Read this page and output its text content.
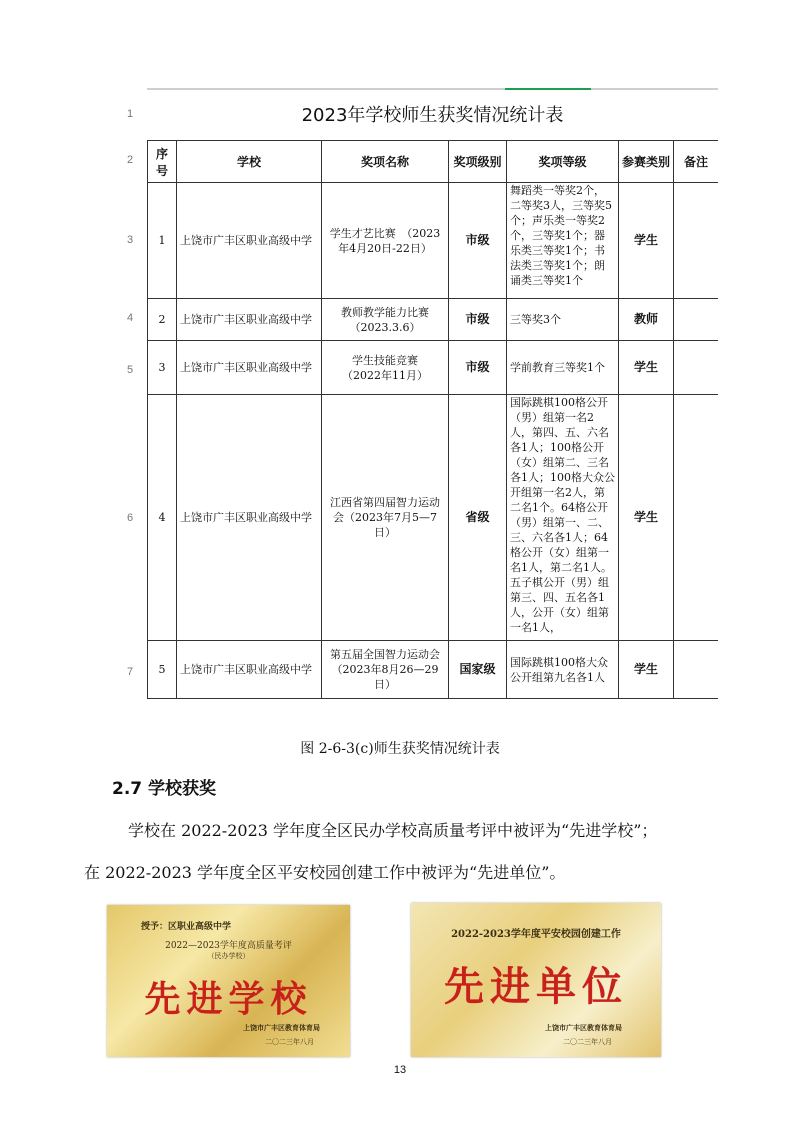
1
2
3
4
5
6
7
2023年学校师生获奖情况统计表
序号	学校	奖项名称	奖项级别	奖项等级	参赛类别	备注
1	上饶市广丰区职业高级中学	学生才艺比赛　（2023年4月20日-22日）	市级	舞蹈类一等奖2个，二等奖3人，三等奖5个；声乐类一等奖2个，三等奖1个；器乐类三等奖1个；书法类三等奖1个；朗诵类三等奖1个	学生	
2	上饶市广丰区职业高级中学	教师教学能力比赛（2023.3.6）	市级	三等奖3个	教师	
3	上饶市广丰区职业高级中学	学生技能竞赛　　（2022年11月）	市级	学前教育三等奖1个	学生	
4	上饶市广丰区职业高级中学	江西省第四届智力运动会（2023年7月5—7日）	省级	国际跳棋100格公开（男）组第一名2人，第四、五、六名各1人；100格公开（女）组第二、三名各1人；100格大众公开组第一名2人，第二名1个。64格公开（男）组第一、二、三、六名各1人；64格公开（女）组第一名1人，第二名1人。五子棋公开（男）组第三、四、五名各1人，公开（女）组第一名1人，	学生	
5	上饶市广丰区职业高级中学	第五届全国智力运动会（2023年8月26—29日）	国家级	国际跳棋100格大众公开组第九名各1人	学生	
图 2-6-3(c)师生获奖情况统计表
2.7 学校获奖
学校在 2022-2023 学年度全区民办学校高质量考评中被评为“先进学校”；
在 2022-2023 学年度全区平安校园创建工作中被评为“先进单位”。
授予：区职业高级中学
2022—2023学年度高质量考评
（民办学校）
先进学校
上饶市广丰区教育体育局
二〇二三年八月
2022-2023学年度平安校园创建工作
先进单位
上饶市广丰区教育体育局
二〇二三年八月
13
